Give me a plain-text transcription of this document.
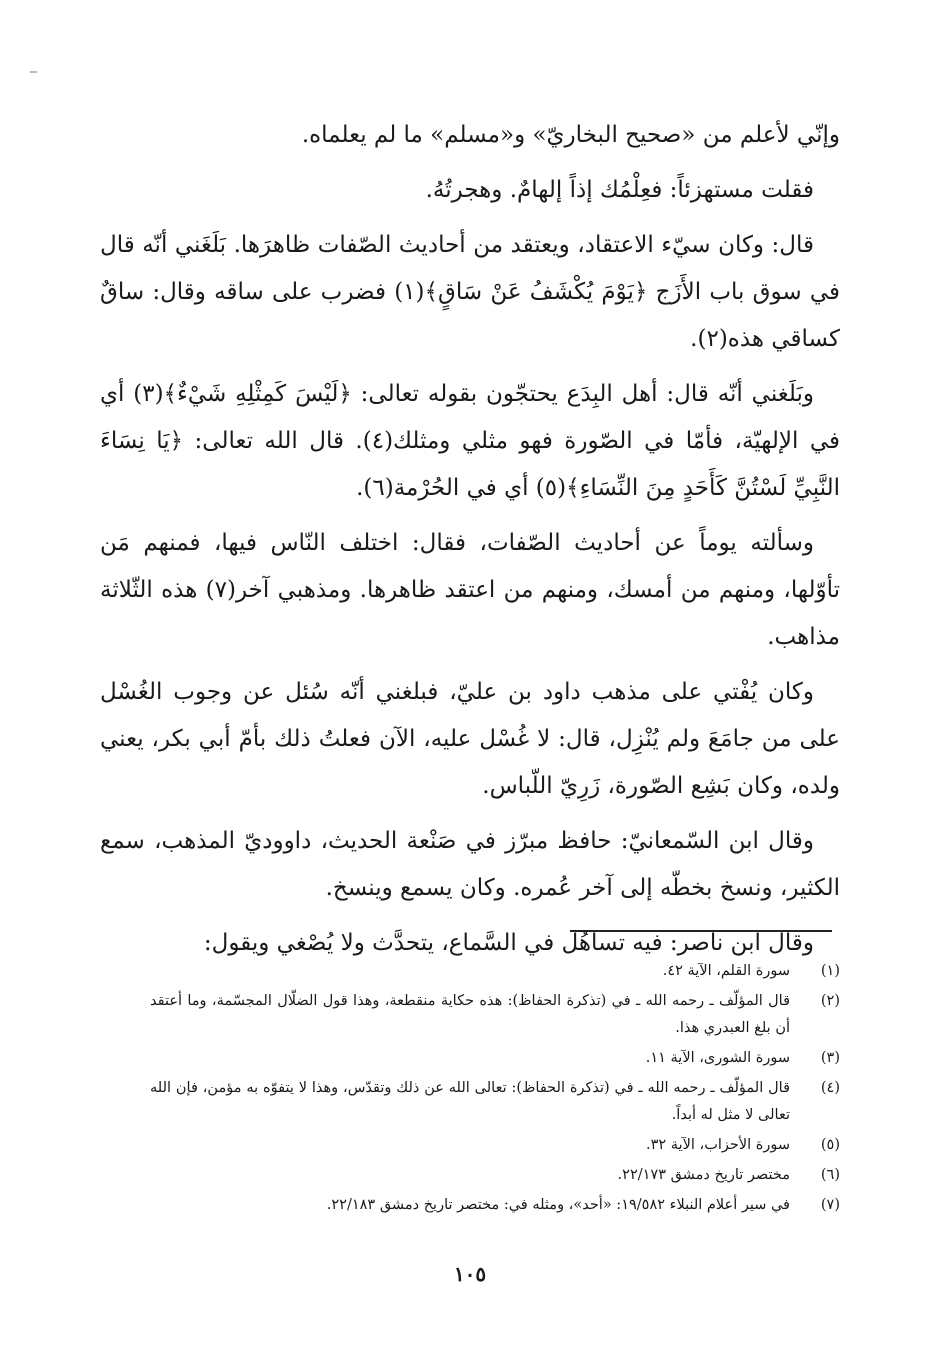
وإنّي لأعلم من «صحيح البخاريّ» و«مسلم» ما لم يعلماه.

فقلت مستهزئاً: فعِلْمُك إذاً إلهامٌ. وهجرتُهُ.

قال: وكان سيّء الاعتقاد، ويعتقد من أحاديث الصّفات ظاهرَها. بَلَغَني أنّه قال في سوق باب الأَزَج ﴿يَوْمَ يُكْشَفُ عَنْ سَاقٍ﴾(١) فضرب على ساقه وقال: ساقٌ كساقي هذه(٢).

وبَلَغني أنّه قال: أهل البِدَع يحتجّون بقوله تعالى: ﴿لَيْسَ كَمِثْلِهِ شَيْءٌ﴾(٣) أي في الإلهيّة، فأمّا في الصّورة فهو مثلي ومثلك(٤). قال الله تعالى: ﴿يَا نِسَاءَ النَّبِيِّ لَسْتُنَّ كَأَحَدٍ مِنَ النِّسَاءِ﴾(٥) أي في الحُرْمة(٦).

وسألته يوماً عن أحاديث الصّفات، فقال: اختلف النّاس فيها، فمنهم مَن تأوّلها، ومنهم من أمسك، ومنهم من اعتقد ظاهرها. ومذهبي آخر(٧) هذه الثّلاثة مذاهب.

وكان يُفْتي على مذهب داود بن عليّ، فبلغني أنّه سُئل عن وجوب الغُسْل على من جامَعَ ولم يُنْزِل، قال: لا غُسْل عليه، الآن فعلتُ ذلك بأمّ أبي بكر، يعني ولده، وكان بَشِع الصّورة، زَرِيّ اللّباس.

وقال ابن السّمعانيّ: حافظ مبرّز في صَنْعة الحديث، داووديّ المذهب، سمع الكثير، ونسخ بخطّه إلى آخر عُمره. وكان يسمع وينسخ.

وقال ابن ناصر: فيه تساهُل في السَّماع، يتحدَّث ولا يُصْغي ويقول:

(١)
سورة القلم، الآية ٤٢.
(٢)
قال المؤلّف ـ رحمه الله ـ في (تذكرة الحفاظ): هذه حكاية منقطعة، وهذا قول الضلّال المجسّمة، وما أعتقد أن بلغ العبدري هذا.
(٣)
سورة الشورى، الآية ١١.
(٤)
قال المؤلّف ـ رحمه الله ـ في (تذكرة الحفاظ): تعالى الله عن ذلك وتقدّس، وهذا لا يتفوّه به مؤمن، فإن الله تعالى لا مثل له أبداً.
(٥)
سورة الأحزاب، الآية ٣٢.
(٦)
مختصر تاريخ دمشق ٢٢/١٧٣.
(٧)
في سير أعلام النبلاء ١٩/٥٨٢: «أحد»، ومثله في: مختصر تاريخ دمشق ٢٢/١٨٣.
١٠٥
